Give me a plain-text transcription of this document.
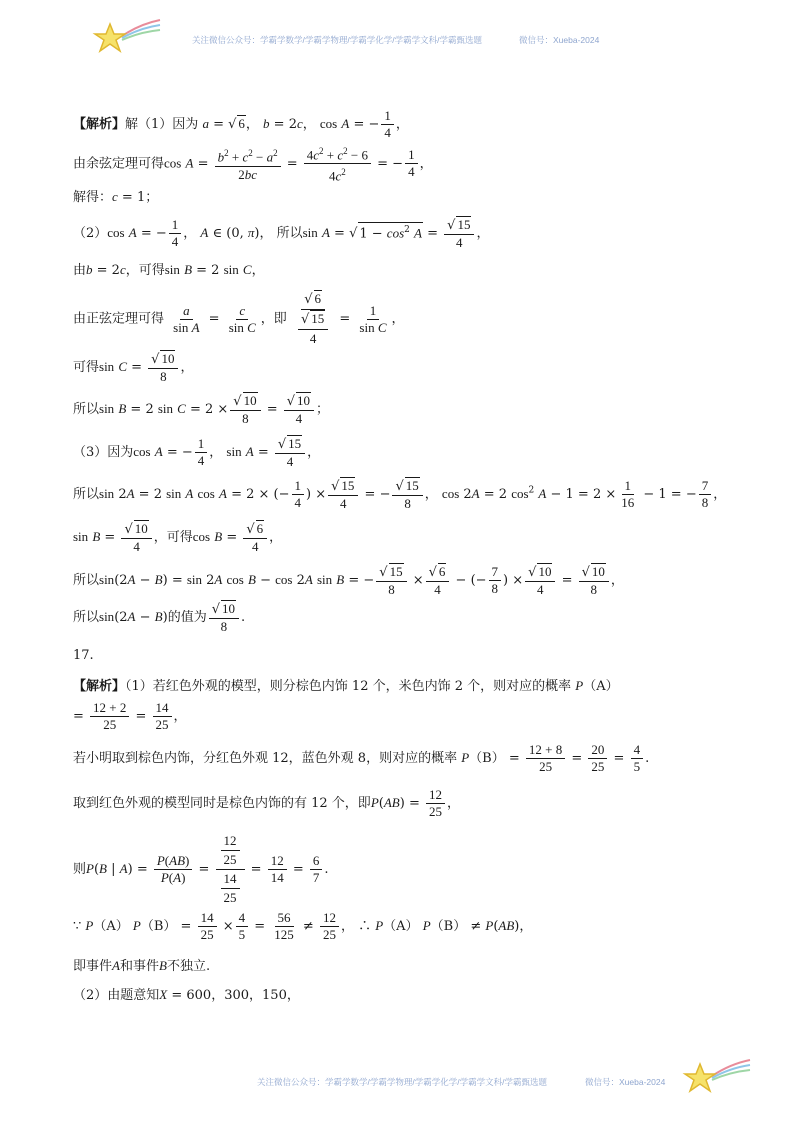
关注微信公众号：学霸学数学/学霸学物理/学霸学化学/学霸学文科/学霸甄选题	微信号：Xueba-2024
【解析】解（1）因为 a = √ 6， b = 2c， cos A = − $\frac{1}{4}$ ，
由余弦定理可得$\cos A = \frac{b^2 + c^2 - a^2}{2bc} = \frac{4c^2 + c^2 - 6}{4c^2}$ = − $\frac{1}{4}$ ，
解得：c = 1；
（2）cos A = − $\frac{1}{4}$ ， A ∈ (0, π)， 所以sin A = √ $1 - \cos^2 A = \frac{√ 15}{4}$ ，
由b = 2c，可得sin B = 2 sin C，
由正弦定理可得 $\frac{a}{\text{sin A}} = \frac{c}{\text{sin C}}$ ，即 $\frac{√ 6}{\frac{√ 15}{4}} = \frac{1}{\text{sin C}}$ ，
可得$\sin C = \frac{√ 10}{8}$ ，
所以sin B = 2 $\sin C = 2 \times \frac{√ 10}{8} = \frac{√ 10}{4}$ ；
（3）因为cos A = − $\frac{1}{4}$ ， $\sin A = \frac{√ 15}{4}$ ，
所以sin 2A = 2 sin A cos A = 2 × (− $\frac{1}{4}$ ) × $\frac{√ 15}{4}$ = − $\frac{√ 15}{8}$ ， cos 2A = 2 $\cos^2 A - 1 = 2 \times \frac{1}{16} - 1$ = − $\frac{7}{8}$ ，
$\sin B = \frac{√ 10}{4}$ ，可得$\cos B = \frac{√ 6}{4}$ ，
所以sin(2A − B) = sin 2A cos B − cos 2A sin B = − $\frac{√ 15}{8} \times \frac{√ 6}{4}$ − (− $\frac{7}{8}$ ) × $\frac{√ 10}{4} = \frac{√ 10}{8}$ ，
所以sin(2A − B)的值为 $\frac{√ 10}{8}$ .
17.
【解析】（1）若红色外观的模型，则分棕色内饰 12 个，米色内饰 2 个，则对应的概率 P（A）
= $\frac{12 + 2}{25} = \frac{14}{25}$ ，
若小明取到棕色内饰，分红色外观 12，蓝色外观 8，则对应的概率 $P(B) = \frac{12 + 8}{25} = \frac{20}{25} = \frac{4}{5}$ .
取到红色外观的模型同时是棕色内饰的有 12 个，即$P(AB) = \frac{12}{25}$ ，
则P(B | $A) = \frac{P(AB)}{P(A)} = \frac{\frac{12}{25}}{\frac{14}{25}} = \frac{12}{14} = \frac{6}{7}$ .
∵ P（A） $P(B) = \frac{14}{25} \times \frac{4}{5} = \frac{56}{125} \ne \frac{12}{25}$ ， ∴ P（A） P（B） ≠ P(AB)，
即事件A和事件B不独立.
（2）由题意知X = 600，300，150，
关注微信公众号：学霸学数学/学霸学物理/学霸学化学/学霸学文科/学霸甄选题	微信号：Xueba-2024
